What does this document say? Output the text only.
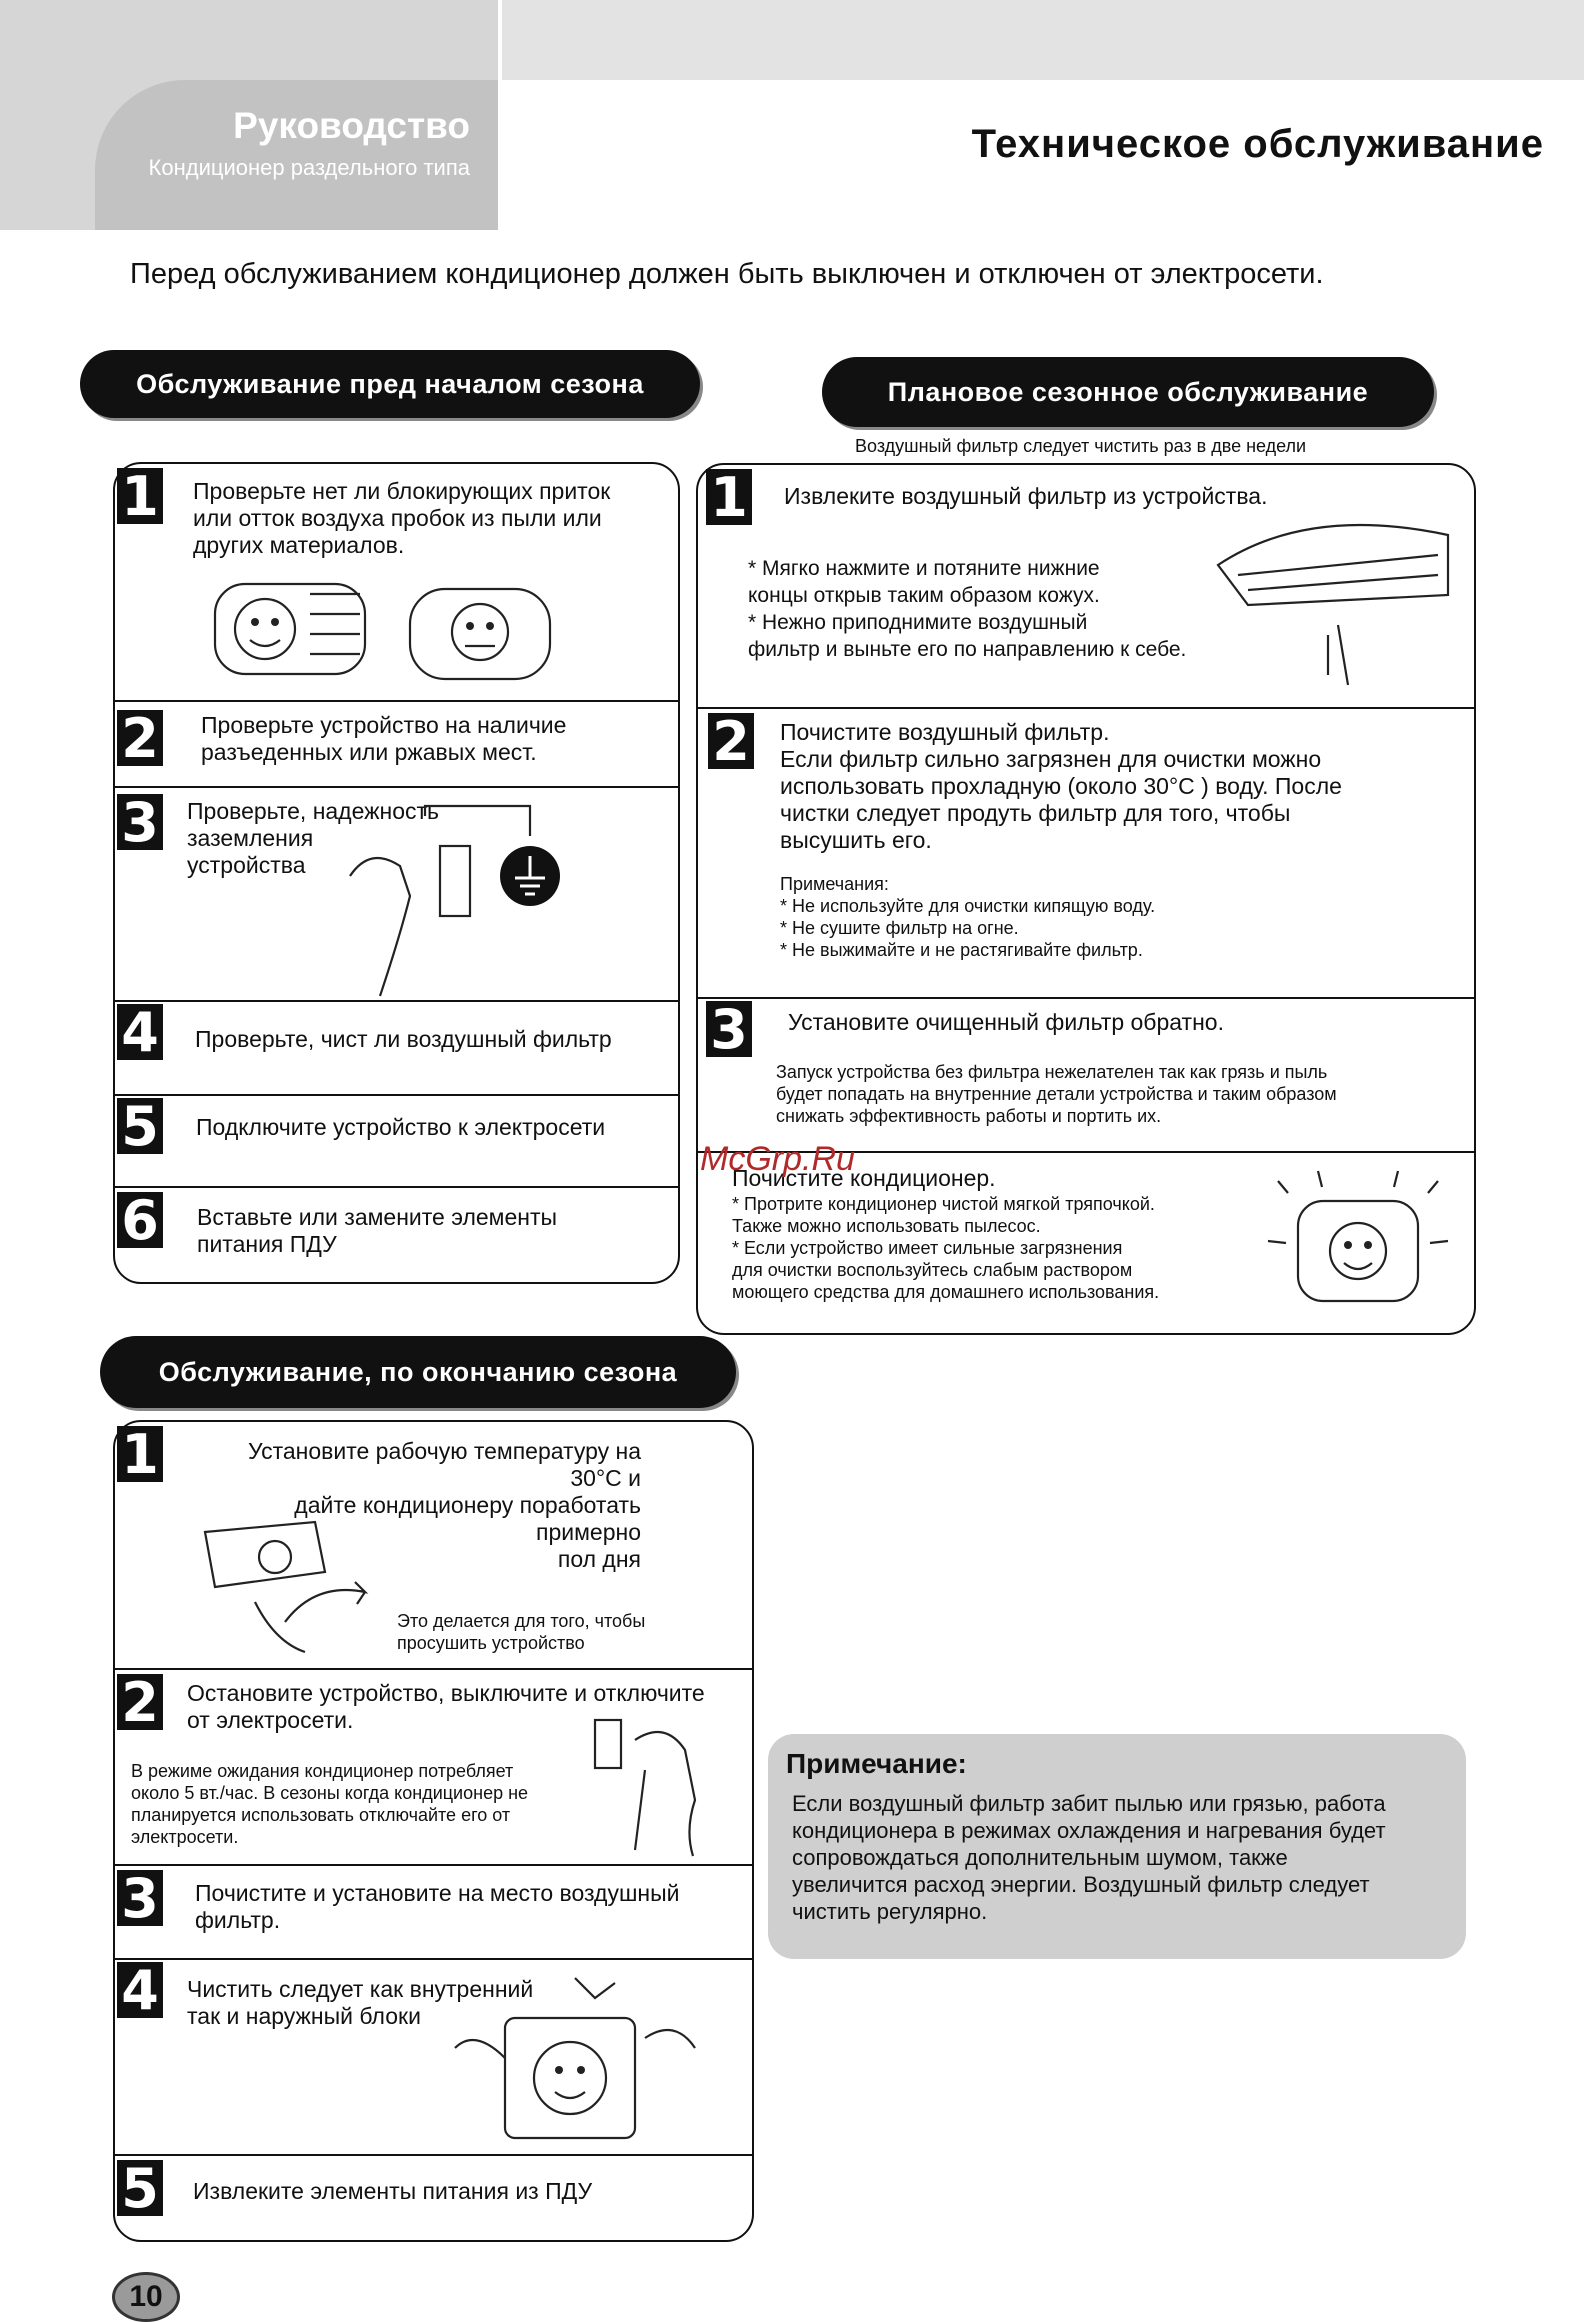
Руководство
Кондиционер раздельного типа
Техническое обслуживание
Перед обслуживанием кондиционер должен быть выключен и отключен от электросети.
Обслуживание пред началом сезона
1 Проверьте нет ли блокирующих приток
или отток воздуха пробок из пыли или
других материалов.
2 Проверьте устройство на наличие
разъеденных или ржавых мест.
3 Проверьте, надежность
заземления
устройства
4 Проверьте, чист ли воздушный фильтр
5 Подключите устройство к электросети
6 Вставьте или замените элементы
питания ПДУ
Плановое сезонное обслуживание
Воздушный фильтр следует чистить раз в две недели
1 Извлеките воздушный фильтр из устройства.
* Мягко нажмите и потяните нижние
концы открыв таким образом кожух.
* Нежно приподнимите воздушный
фильтр и выньте его по направлению к себе.
2 Почистите воздушный фильтр.
Если фильтр сильно загрязнен для очистки можно
использовать прохладную (около 30°С ) воду. После
чистки следует продуть фильтр для того, чтобы
высушить его.
Примечания:
* Не используйте для очистки кипящую воду.
* Не сушите фильтр на огне.
* Не выжимайте и не растягивайте фильтр.
3 Установите очищенный фильтр обратно.
Запуск устройства без фильтра нежелателен так как грязь и пыль
будет попадать на внутренние детали устройства и таким образом
снижать эффективность работы и портить их.
Почистите кондиционер.
* Протрите кондиционер чистой мягкой тряпочкой.
Также можно использовать пылесос.
* Если устройство имеет сильные загрязнения
для очистки воспользуйтесь слабым раствором
моющего средства для домашнего использования.
McGrp.Ru
Обслуживание, по окончанию сезона
1	Установите рабочую температуру на 30°С и
дайте кондиционеру поработать примерно
пол дня
Это делается для того, чтобы
просушить устройство
2 Остановите устройство, выключите и отключите
от электросети.
В режиме ожидания кондиционер потребляет
около 5 вт./час. В сезоны когда кондиционер не
планируется использовать отключайте его от
электросети.
3 Почистите и установите на место воздушный
фильтр.
4 Чистить следует как внутренний
так и наружный блоки
5 Извлеките элементы питания из ПДУ
Примечание:
Если воздушный фильтр забит пылью или грязью, работа
кондиционера в режимах охлаждения и нагревания будет
сопровождаться дополнительным шумом, также
увеличится расход энергии. Воздушный фильтр следует
чистить регулярно.
10
